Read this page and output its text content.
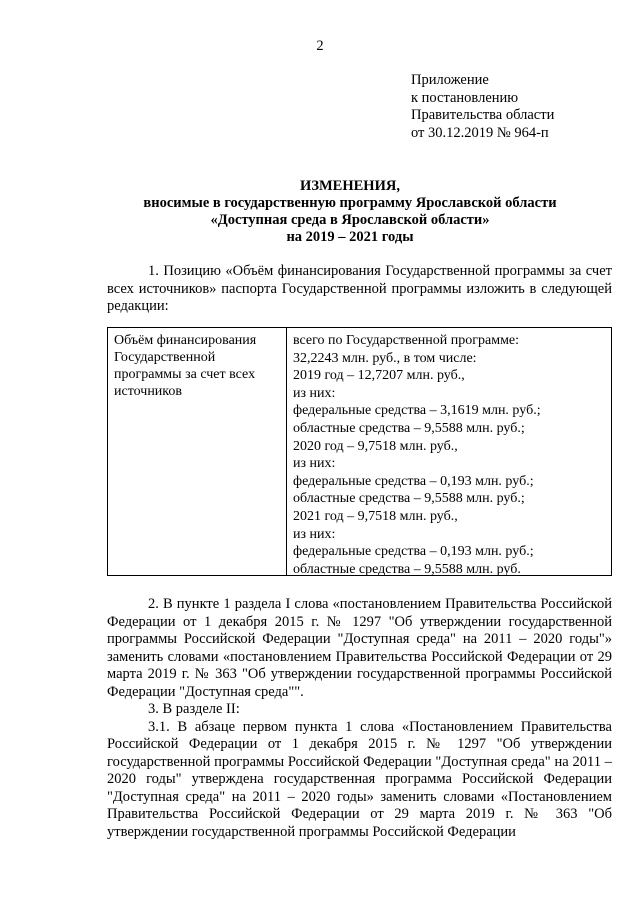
2
Приложение
к постановлению
Правительства области
от 30.12.2019 № 964-п
ИЗМЕНЕНИЯ,
вносимые в государственную программу Ярославской области
«Доступная среда в Ярославской области»
на 2019 – 2021 годы

1. Позицию «Объём финансирования Государственной программы за счет всех источников» паспорта Государственной программы изложить в следующей редакции:

Объём финансирования
Государственной
программы за счет всех
источников
всего по Государственной программе:
32,2243 млн. руб., в том числе:
2019 год – 12,7207 млн. руб.,
из них:
федеральные средства – 3,1619 млн. руб.;
областные средства – 9,5588 млн. руб.;
2020 год – 9,7518 млн. руб.,
из них:
федеральные средства – 0,193 млн. руб.;
областные средства – 9,5588 млн. руб.;
2021 год – 9,7518 млн. руб.,
из них:
федеральные средства – 0,193 млн. руб.;
областные средства – 9,5588 млн. руб.

2. В пункте 1 раздела I слова «постановлением Правительства Российской Федерации от 1 декабря 2015 г. № 1297 "Об утверждении государственной программы Российской Федерации "Доступная среда" на 2011 – 2020 годы"» заменить словами «постановлением Правительства Российской Федерации от 29 марта 2019 г. № 363 "Об утверждении государственной программы Российской Федерации "Доступная среда"".

3. В разделе II:

3.1. В абзаце первом пункта 1 слова «Постановлением Правительства Российской Федерации от 1 декабря 2015 г. № 1297 "Об утверждении государственной программы Российской Федерации "Доступная среда" на 2011 – 2020 годы" утверждена государственная программа Российской Федерации "Доступная среда" на 2011 – 2020 годы» заменить словами «Постановлением Правительства Российской Федерации от 29 марта 2019 г. № 363 "Об утверждении государственной программы Российской Федерации
